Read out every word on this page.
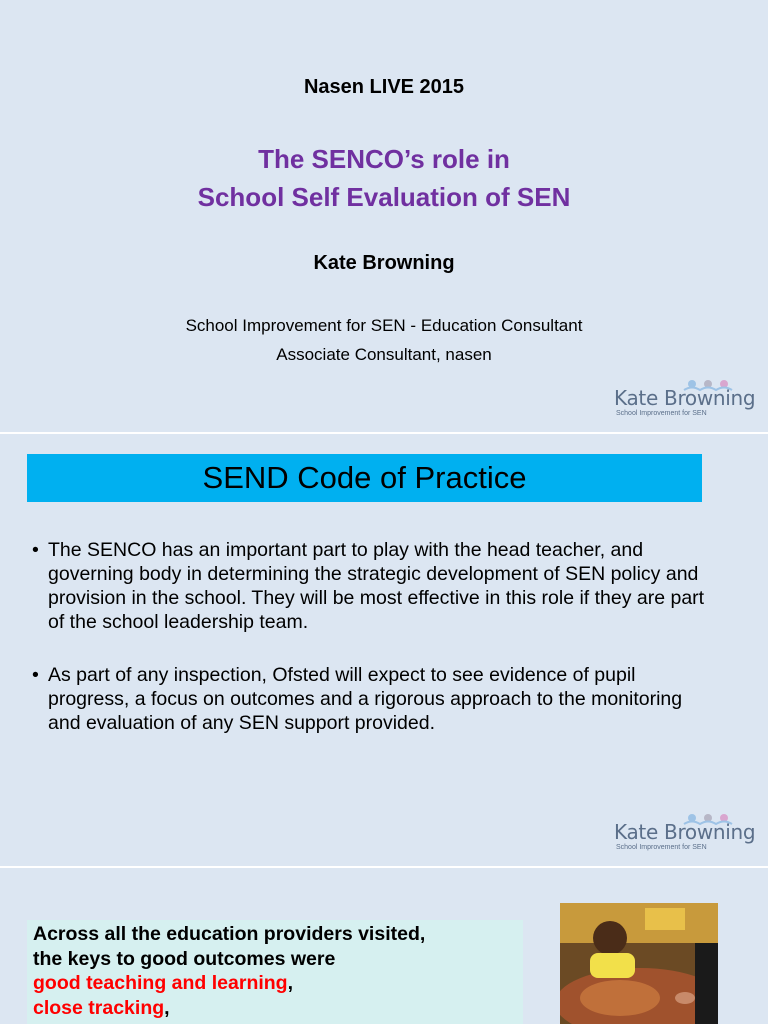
Nasen LIVE 2015
The SENCO’s role in
School Self Evaluation of SEN
Kate Browning
School Improvement for SEN - Education Consultant
Associate Consultant, nasen
Kate Browning
School Improvement for SEN
SEND Code of Practice
• The SENCO has an important part to play with the head teacher, and governing body in determining the strategic development of SEN policy and provision in the school. They will be most effective in this role if they are part of the school leadership team.
• As part of any inspection, Ofsted will expect to see evidence of pupil progress, a focus on outcomes and a rigorous approach to the monitoring and evaluation of any SEN support provided.
Kate Browning
School Improvement for SEN
Across all the education providers visited,
the keys to good outcomes were
good teaching and learning,
close tracking,
